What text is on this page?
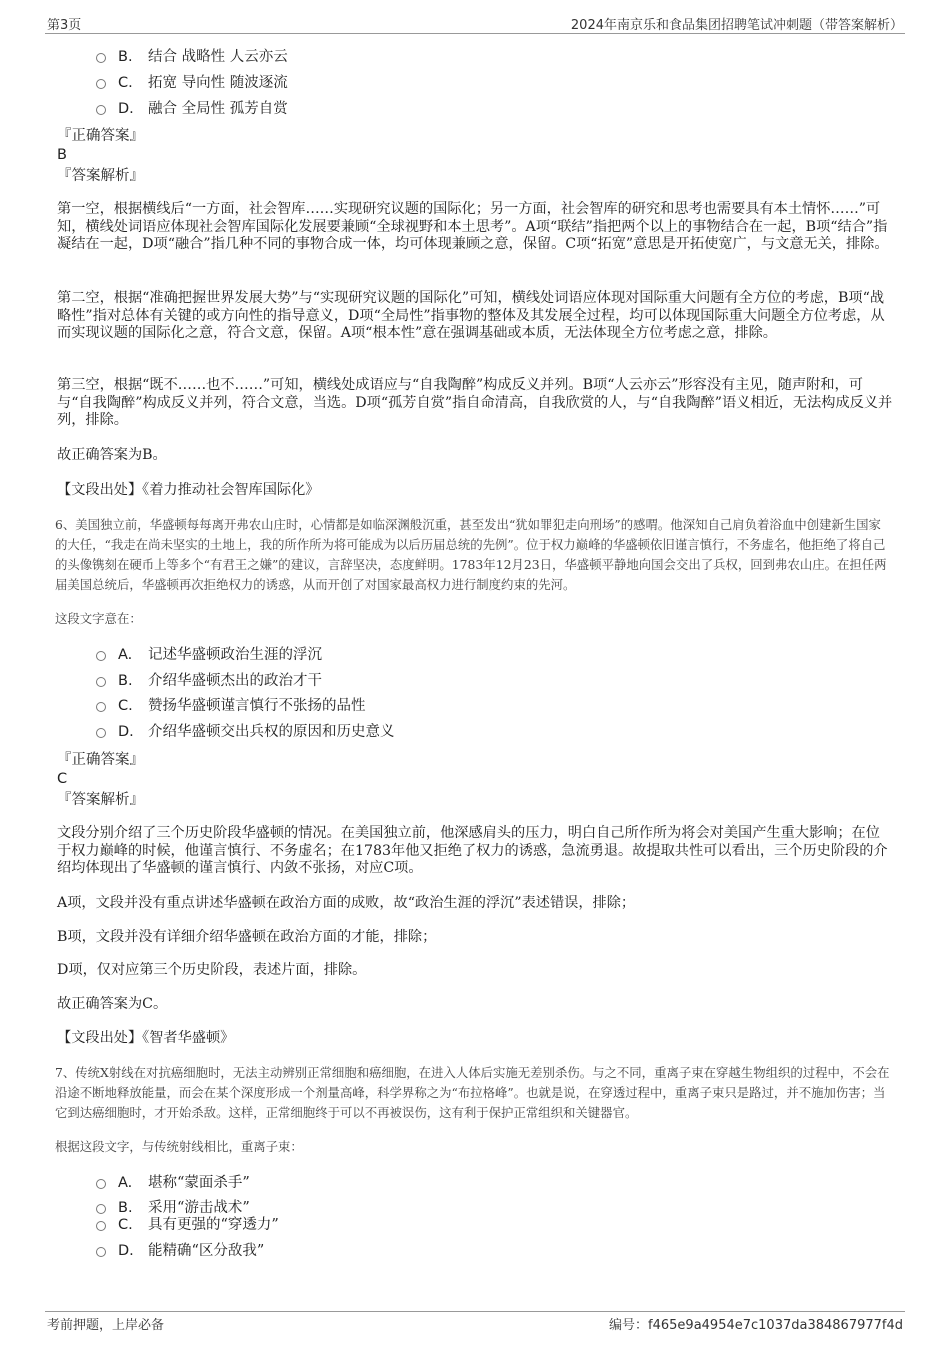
第3页	2024年南京乐和食品集团招聘笔试冲刺题（带答案解析）
B. 结合 战略性 人云亦云
C. 拓宽 导向性 随波逐流
D. 融合 全局性 孤芳自赏
『正确答案』
B
『答案解析』

第一空，根据横线后“一方面，社会智库……实现研究议题的国际化；另一方面，社会智库的研究和思考也需要具有本土情怀……”可知，横线处词语应体现社会智库国际化发展要兼顾“全球视野和本土思考”。A项“联结”指把两个以上的事物结合在一起，B项“结合”指凝结在一起，D项“融合”指几种不同的事物合成一体，均可体现兼顾之意，保留。C项“拓宽”意思是开拓使宽广，与文意无关，排除。

第二空，根据“准确把握世界发展大势”与“实现研究议题的国际化”可知，横线处词语应体现对国际重大问题有全方位的考虑，B项“战略性”指对总体有关键的或方向性的指导意义，D项“全局性”指事物的整体及其发展全过程，均可以体现国际重大问题全方位考虑，从而实现议题的国际化之意，符合文意，保留。A项“根本性”意在强调基础或本质，无法体现全方位考虑之意，排除。

第三空，根据“既不……也不……”可知，横线处成语应与“自我陶醉”构成反义并列。B项“人云亦云”形容没有主见，随声附和，可与“自我陶醉”构成反义并列，符合文意，当选。D项“孤芳自赏”指自命清高，自我欣赏的人，与“自我陶醉”语义相近，无法构成反义并列，排除。

故正确答案为B。

【文段出处】《着力推动社会智库国际化》

6、美国独立前，华盛顿每每离开弗农山庄时，心情都是如临深渊般沉重，甚至发出“犹如罪犯走向刑场”的感喟。他深知自己肩负着浴血中创建新生国家的大任，“我走在尚未坚实的土地上，我的所作所为将可能成为以后历届总统的先例”。位于权力巅峰的华盛顿依旧谨言慎行，不务虚名，他拒绝了将自己的头像镌刻在硬币上等多个“有君王之嫌”的建议，言辞坚决，态度鲜明。1783年12月23日，华盛顿平静地向国会交出了兵权，回到弗农山庄。在担任两届美国总统后，华盛顿再次拒绝权力的诱惑，从而开创了对国家最高权力进行制度约束的先河。

这段文字意在：
A. 记述华盛顿政治生涯的浮沉
B. 介绍华盛顿杰出的政治才干
C. 赞扬华盛顿谨言慎行不张扬的品性
D. 介绍华盛顿交出兵权的原因和历史意义
『正确答案』
C
『答案解析』

文段分别介绍了三个历史阶段华盛顿的情况。在美国独立前，他深感肩头的压力，明白自己所作所为将会对美国产生重大影响；在位于权力巅峰的时候，他谨言慎行、不务虚名；在1783年他又拒绝了权力的诱惑，急流勇退。故提取共性可以看出，三个历史阶段的介绍均体现出了华盛顿的谨言慎行、内敛不张扬，对应C项。

A项，文段并没有重点讲述华盛顿在政治方面的成败，故“政治生涯的浮沉”表述错误，排除；

B项，文段并没有详细介绍华盛顿在政治方面的才能，排除；

D项，仅对应第三个历史阶段，表述片面，排除。

故正确答案为C。

【文段出处】《智者华盛顿》

7、传统X射线在对抗癌细胞时，无法主动辨别正常细胞和癌细胞，在进入人体后实施无差别杀伤。与之不同，重离子束在穿越生物组织的过程中，不会在沿途不断地释放能量，而会在某个深度形成一个剂量高峰，科学界称之为“布拉格峰”。也就是说，在穿透过程中，重离子束只是路过，并不施加伤害；当它到达癌细胞时，才开始杀敌。这样，正常细胞终于可以不再被误伤，这有利于保护正常组织和关键器官。

根据这段文字，与传统射线相比，重离子束：
A. 堪称“蒙面杀手”
B. 采用“游击战术”
C. 具有更强的“穿透力”
D. 能精确“区分敌我”
考前押题，上岸必备	编号：f465e9a4954e7c1037da384867977f4d
